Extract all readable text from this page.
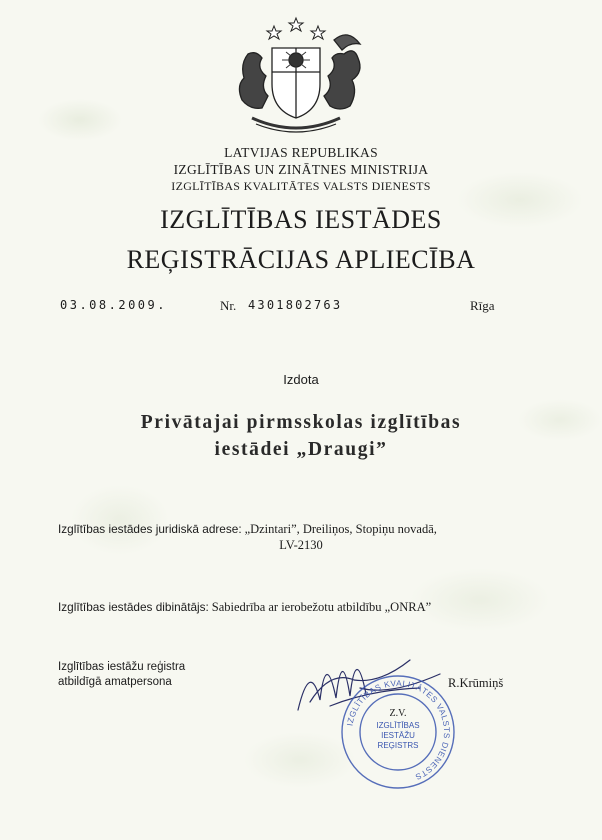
LATVIJAS REPUBLIKAS
IZGLĪTĪBAS UN ZINĀTNES MINISTRIJA
IZGLĪTĪBAS KVALITĀTES VALSTS DIENESTS
IZGLĪTĪBAS IESTĀDES
REĢISTRĀCIJAS APLIECĪBA
03.08.2009.	Nr. 4301802763	Rīga
Izdota
Privātajai pirmsskolas izglītības
iestādei „Draugi”
Izglītības iestādes juridiskā adrese: „Dzintari”, Dreiliņos, Stopiņu novadā,
LV-2130
Izglītības iestādes dibinātājs: Sabiedrība ar ierobežotu atbildību „ONRA”
Izglītības iestāžu reģistra
atbildīgā amatpersona
IZGLĪTĪBAS KVALITĀTES VALSTS DIENESTS
Z.V.
IZGLĪTĪBAS
IESTĀŽU
REĢISTRS
R.Krūmiņš
